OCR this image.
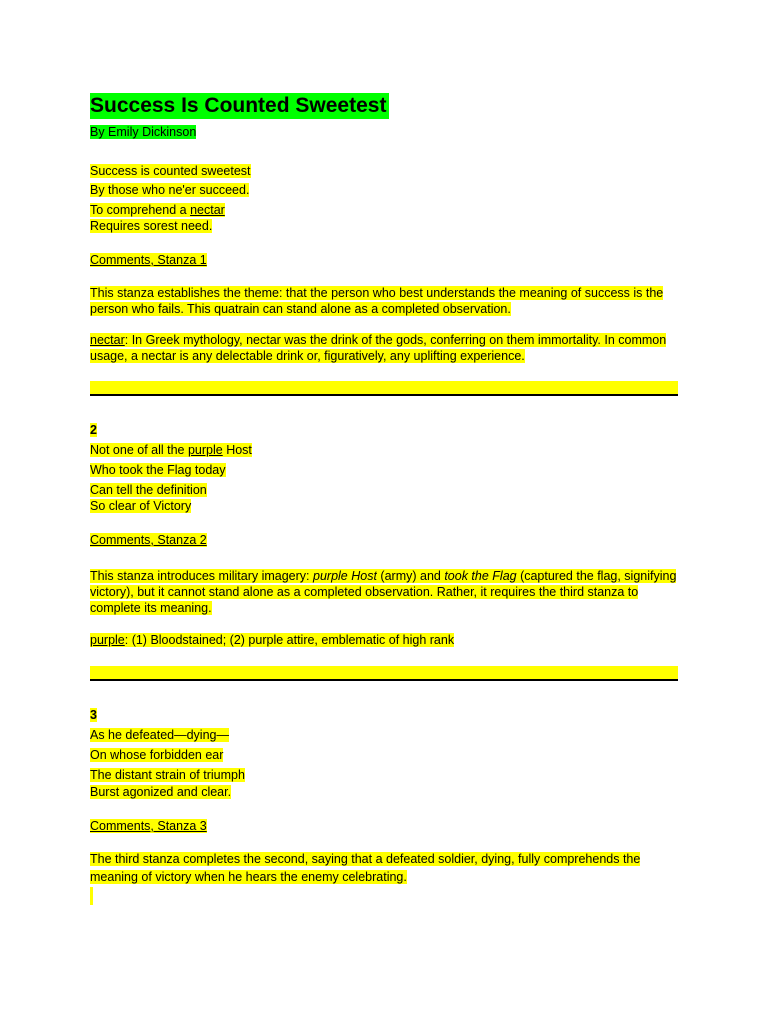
Success Is Counted Sweetest
By Emily Dickinson
Success is counted sweetest
By those who ne'er succeed.
To comprehend a nectar
Requires sorest need.
Comments, Stanza 1
This stanza establishes the theme: that the person who best understands the meaning of success is the person who fails. This quatrain can stand alone as a completed observation.
nectar: In Greek mythology, nectar was the drink of the gods, conferring on them immortality. In common usage, a nectar is any delectable drink or, figuratively, any uplifting experience.
2
Not one of all the purple Host
Who took the Flag today
Can tell the definition
So clear of Victory
Comments, Stanza 2
This stanza introduces military imagery: purple Host (army) and took the Flag (captured the flag, signifying victory), but it cannot stand alone as a completed observation. Rather, it requires the third stanza to complete its meaning.
purple: (1) Bloodstained; (2) purple attire, emblematic of high rank
3
As he defeated—dying—
On whose forbidden ear
The distant strain of triumph
Burst agonized and clear.
Comments, Stanza 3
The third stanza completes the second, saying that a defeated soldier, dying, fully comprehends the meaning of victory when he hears the enemy celebrating.
